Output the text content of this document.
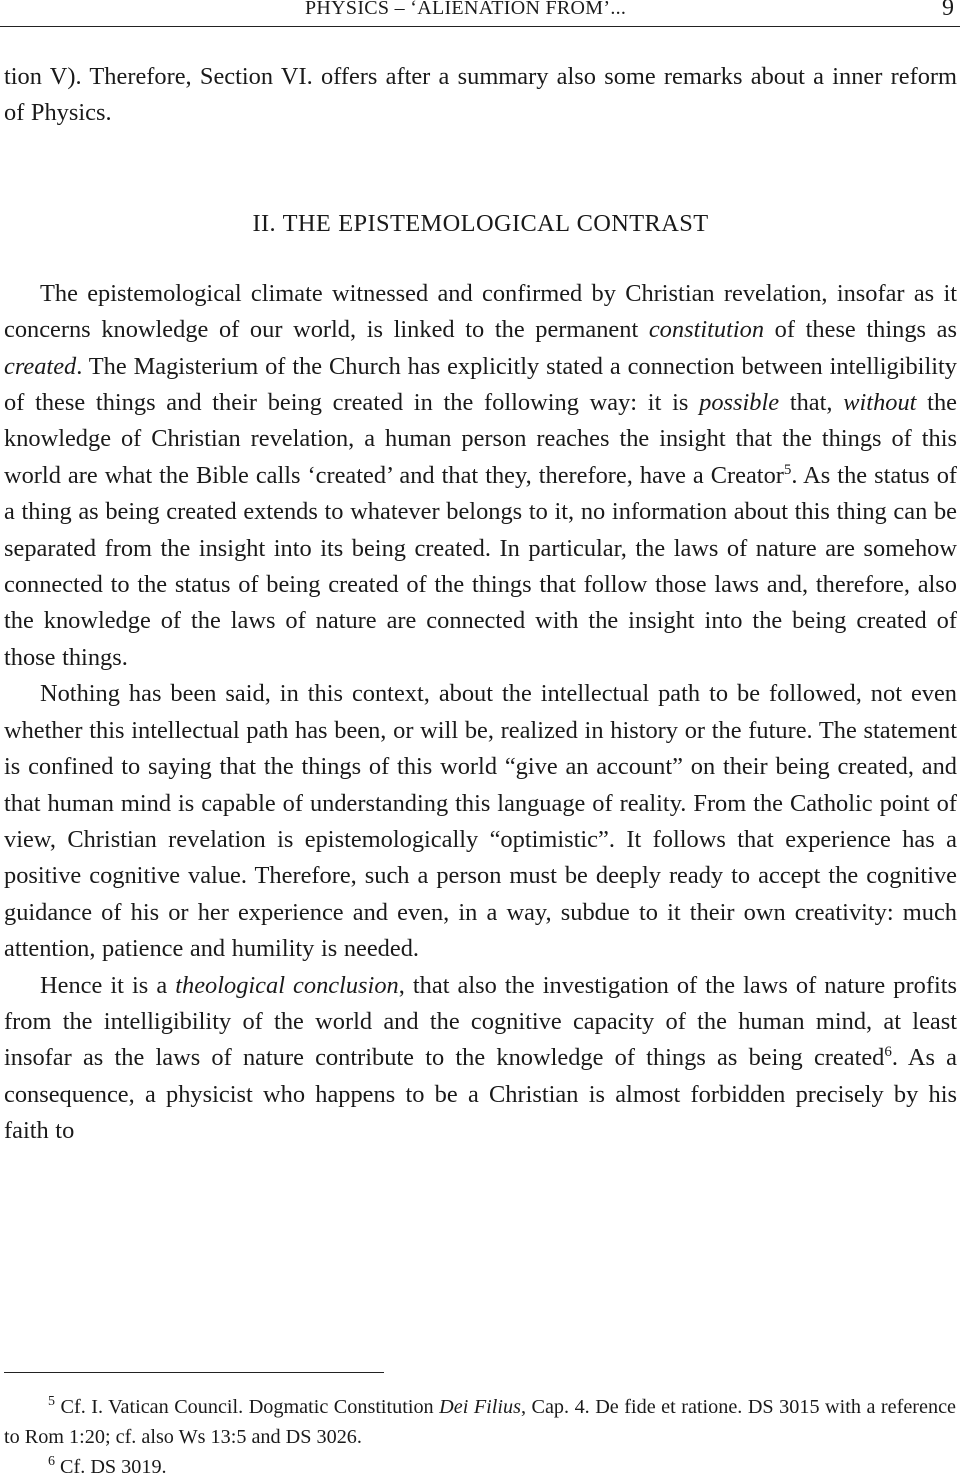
PHYSICS – ‘ALIENATION FROM’...	9

tion V). Therefore, Section VI. offers after a summary also some remarks about a inner reform of Physics.

II. THE EPISTEMOLOGICAL CONTRAST

The epistemological climate witnessed and confirmed by Christian revelation, insofar as it concerns knowledge of our world, is linked to the permanent constitution of these things as created. The Magisterium of the Church has explicitly stated a connection between intelligibility of these things and their being created in the following way: it is possible that, without the knowledge of Christian revelation, a human person reaches the insight that the things of this world are what the Bible calls ‘created’ and that they, therefore, have a Creator$^5$. As the status of a thing as being created extends to whatever belongs to it, no information about this thing can be separated from the insight into its being created. In particular, the laws of nature are somehow connected to the status of being created of the things that follow those laws and, therefore, also the knowledge of the laws of nature are connected with the insight into the being created of those things.

Nothing has been said, in this context, about the intellectual path to be followed, not even whether this intellectual path has been, or will be, realized in history or the future. The statement is confined to saying that the things of this world “give an account” on their being created, and that human mind is capable of understanding this language of reality. From the Catholic point of view, Christian revelation is epistemologically “optimistic”. It follows that experience has a positive cognitive value. Therefore, such a person must be deeply ready to accept the cognitive guidance of his or her experience and even, in a way, subdue to it their own creativity: much attention, patience and humility is needed.

Hence it is a theological conclusion, that also the investigation of the laws of nature profits from the intelligibility of the world and the cognitive capacity of the human mind, at least insofar as the laws of nature contribute to the knowledge of things as being created$^6$. As a consequence, a physicist who happens to be a Christian is almost forbidden precisely by his faith to

$^5$ Cf. I. Vatican Council. Dogmatic Constitution Dei Filius, Cap. 4. De fide et ratione. DS 3015 with a reference to Rom 1:20; cf. also Ws 13:5 and DS 3026.

$^6$ Cf. DS 3019.
